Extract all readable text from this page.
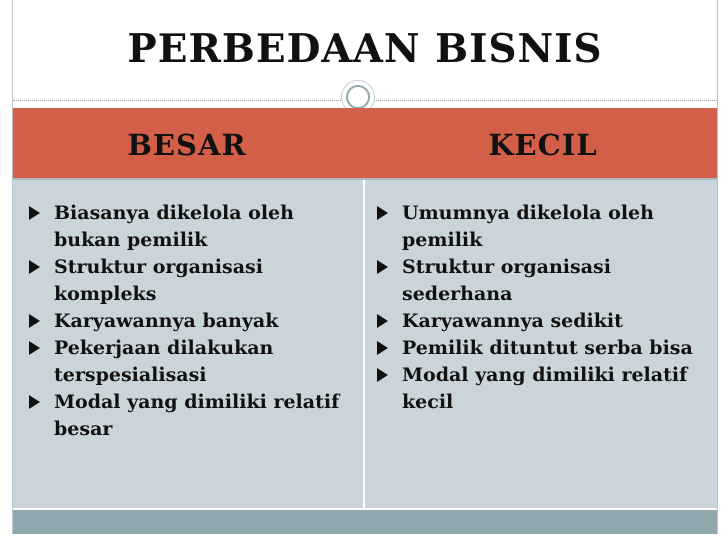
PERBEDAAN BISNIS
BESAR	KECIL
Biasanya dikelola oleh bukan pemilik
Struktur organisasi kompleks
Karyawannya banyak
Pekerjaan dilakukan terspesialisasi
Modal yang dimiliki relatif besar
Umumnya dikelola oleh pemilik
Struktur organisasi sederhana
Karyawannya sedikit
Pemilik dituntut serba bisa
Modal yang dimiliki relatif kecil
